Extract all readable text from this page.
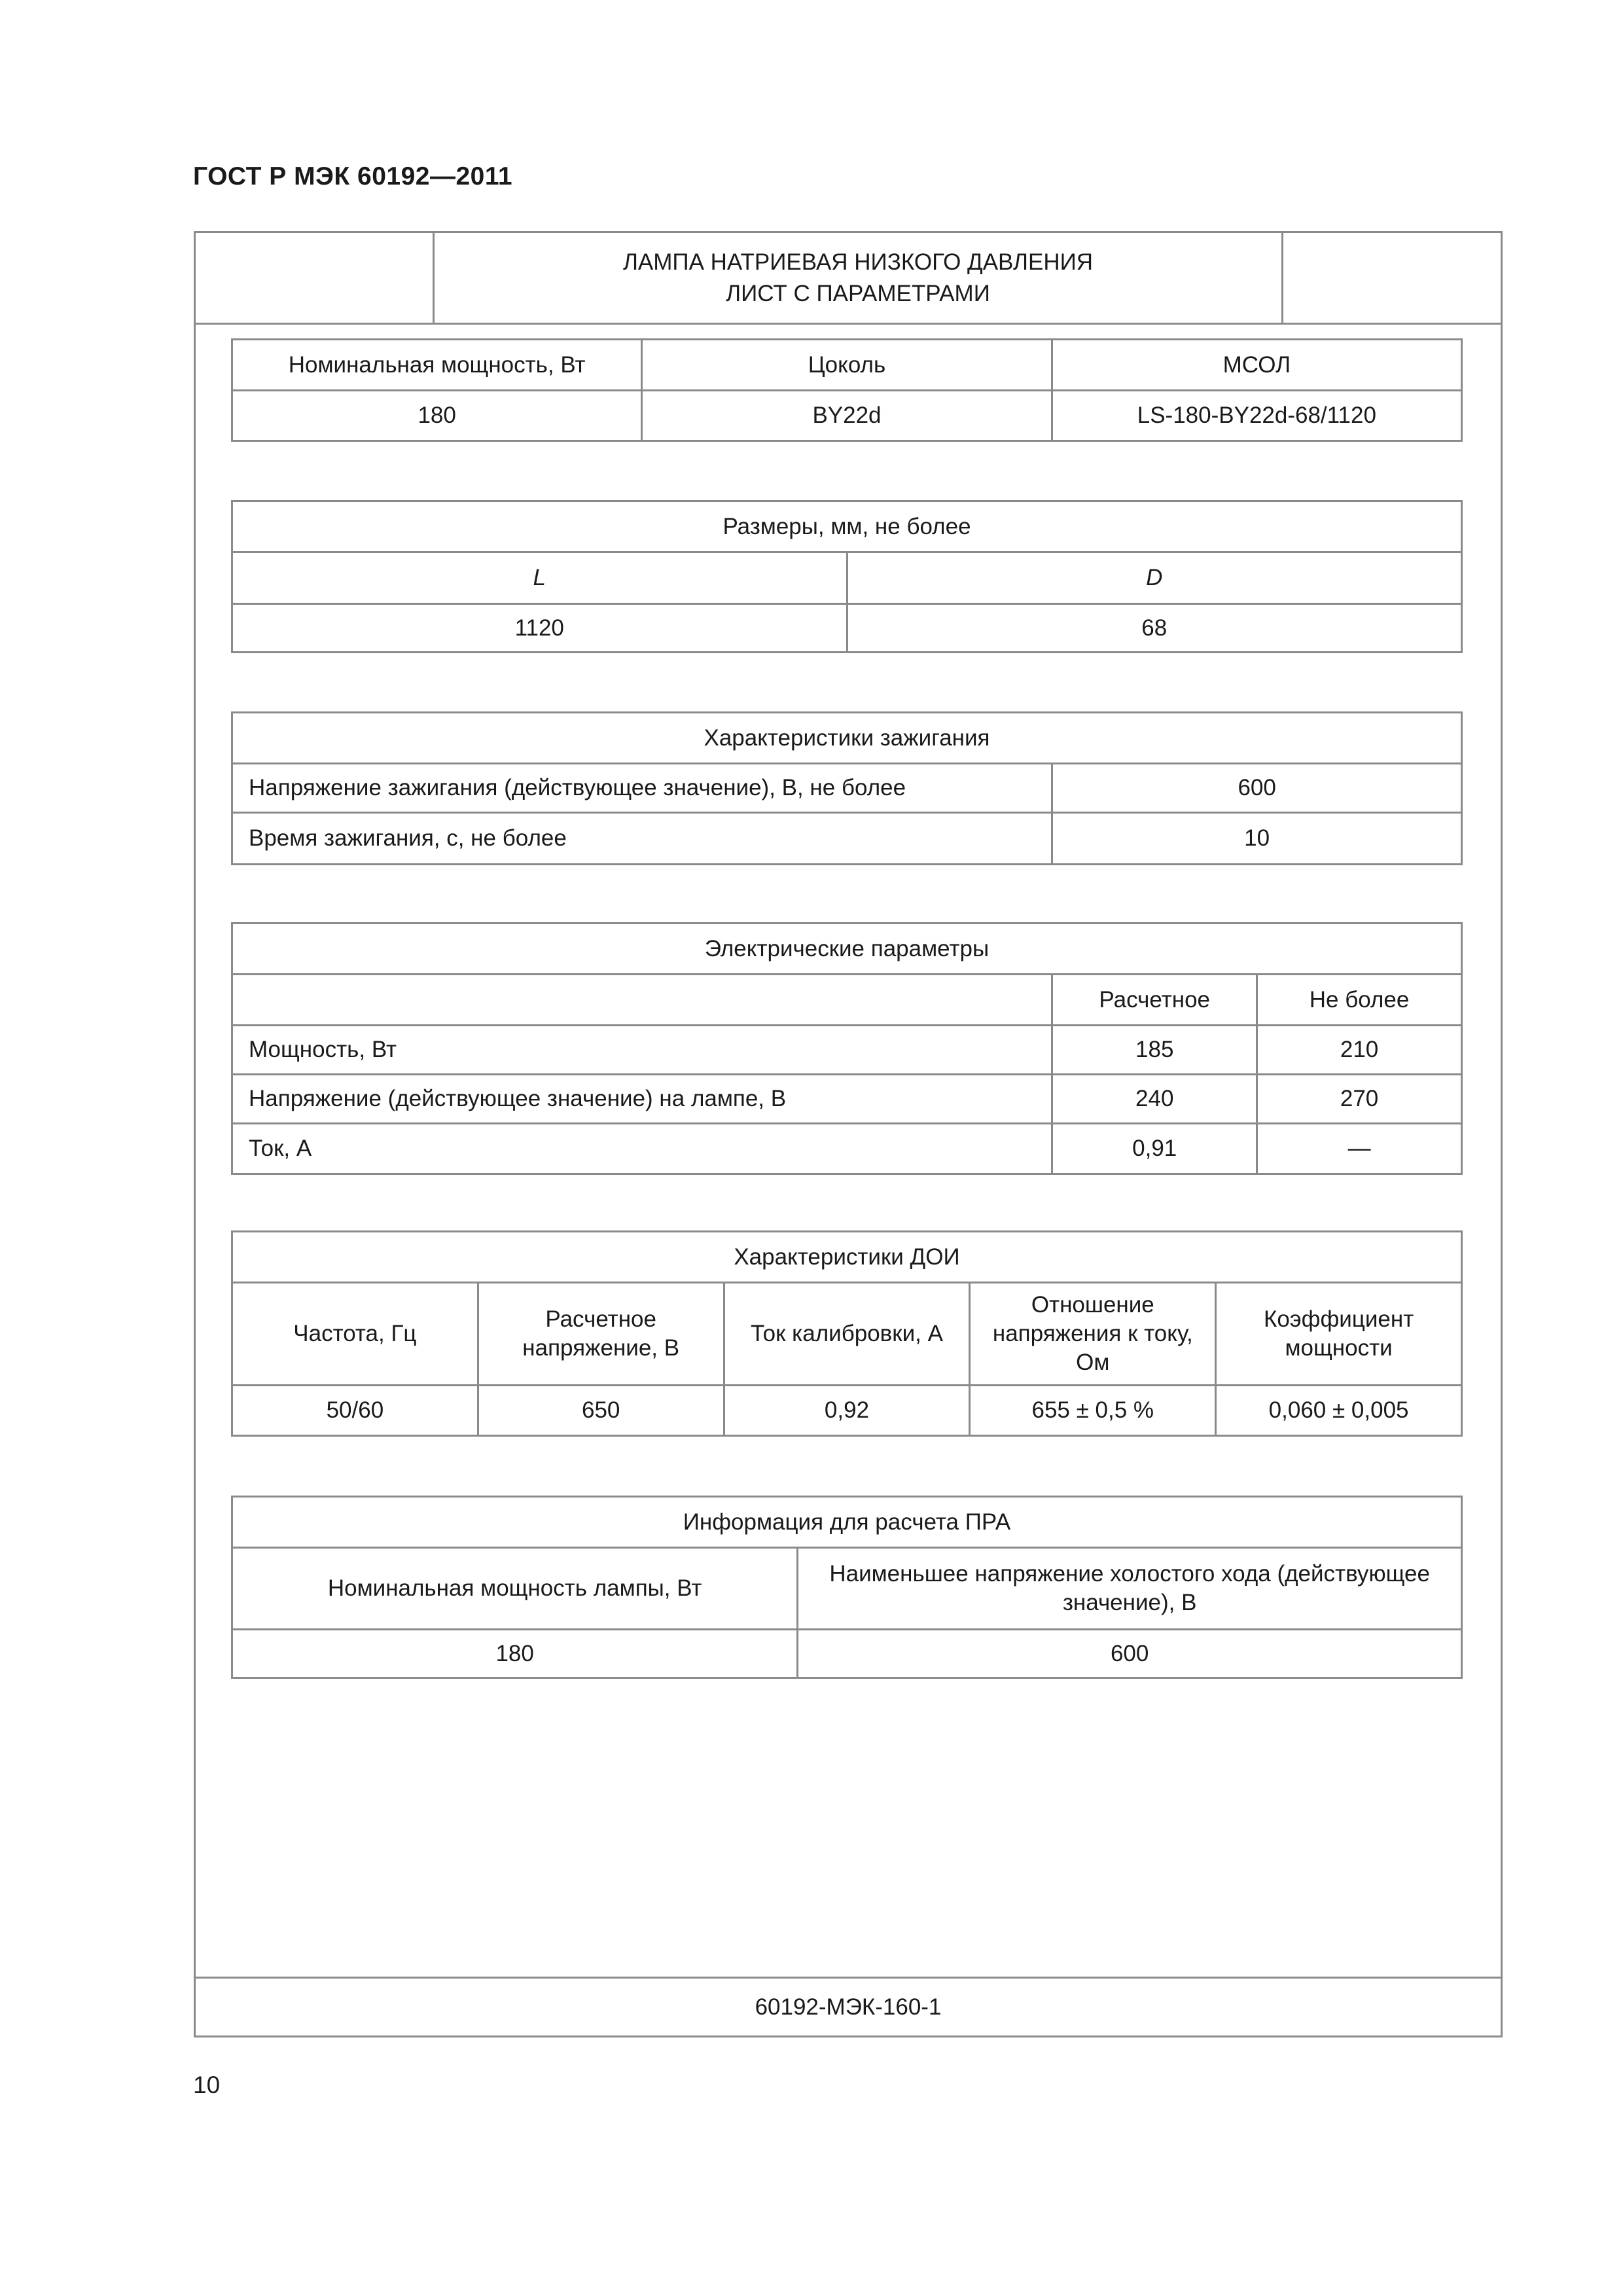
ГОСТ Р МЭК 60192—2011
ЛАМПА НАТРИЕВАЯ НИЗКОГО ДАВЛЕНИЯ
ЛИСТ С ПАРАМЕТРАМИ
60192-МЭК-160-1
Номинальная мощность, Вт	Цоколь	МСОЛ
180	BY22d	LS-180-BY22d-68/1120
Размеры, мм, не более	
L	D
1120	68
Характеристики зажигания	
Напряжение зажигания (действующее значение), В, не более	600
Время зажигания, с, не более	10
Электрические параметры		
	Расчетное	Не более
Мощность, Вт	185	210
Напряжение (действующее значение) на лампе, В	240	270
Ток, А	0,91	—
Характеристики ДОИ				
Частота, Гц	Расчетное напряжение, В	Ток калибровки, А	Отношение напряжения к току, Ом	Коэффициент мощности
50/60	650	0,92	655 ± 0,5 %	0,060 ± 0,005
Информация для расчета ПРА	
Номинальная мощность лампы, Вт	Наименьшее напряжение холостого хода (действующее значение), В
180	600
10
